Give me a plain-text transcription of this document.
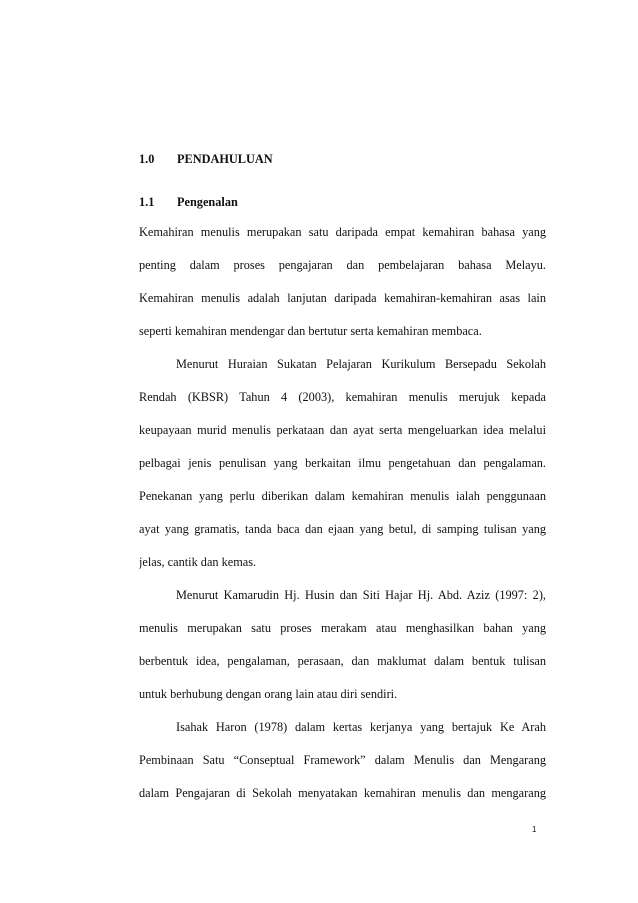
1.0 PENDAHULUAN
1.1 Pengenalan
Kemahiran menulis merupakan satu daripada empat kemahiran bahasa yang
penting dalam proses pengajaran dan pembelajaran bahasa Melayu.
Kemahiran menulis adalah lanjutan daripada kemahiran-kemahiran asas lain
seperti kemahiran mendengar dan bertutur serta kemahiran membaca.
Menurut Huraian Sukatan Pelajaran Kurikulum Bersepadu Sekolah
Rendah (KBSR) Tahun 4 (2003), kemahiran menulis merujuk kepada
keupayaan murid menulis perkataan dan ayat serta mengeluarkan idea melalui
pelbagai jenis penulisan yang berkaitan ilmu pengetahuan dan pengalaman.
Penekanan yang perlu diberikan dalam kemahiran menulis ialah penggunaan
ayat yang gramatis, tanda baca dan ejaan yang betul, di samping tulisan yang
jelas, cantik dan kemas.
Menurut Kamarudin Hj. Husin dan Siti Hajar Hj. Abd. Aziz (1997: 2),
menulis merupakan satu proses merakam atau menghasilkan bahan yang
berbentuk idea, pengalaman, perasaan, dan maklumat dalam bentuk tulisan
untuk berhubung dengan orang lain atau diri sendiri.
Isahak Haron (1978) dalam kertas kerjanya yang bertajuk Ke Arah
Pembinaan Satu “Conseptual Framework” dalam Menulis dan Mengarang
dalam Pengajaran di Sekolah menyatakan kemahiran menulis dan mengarang
1
